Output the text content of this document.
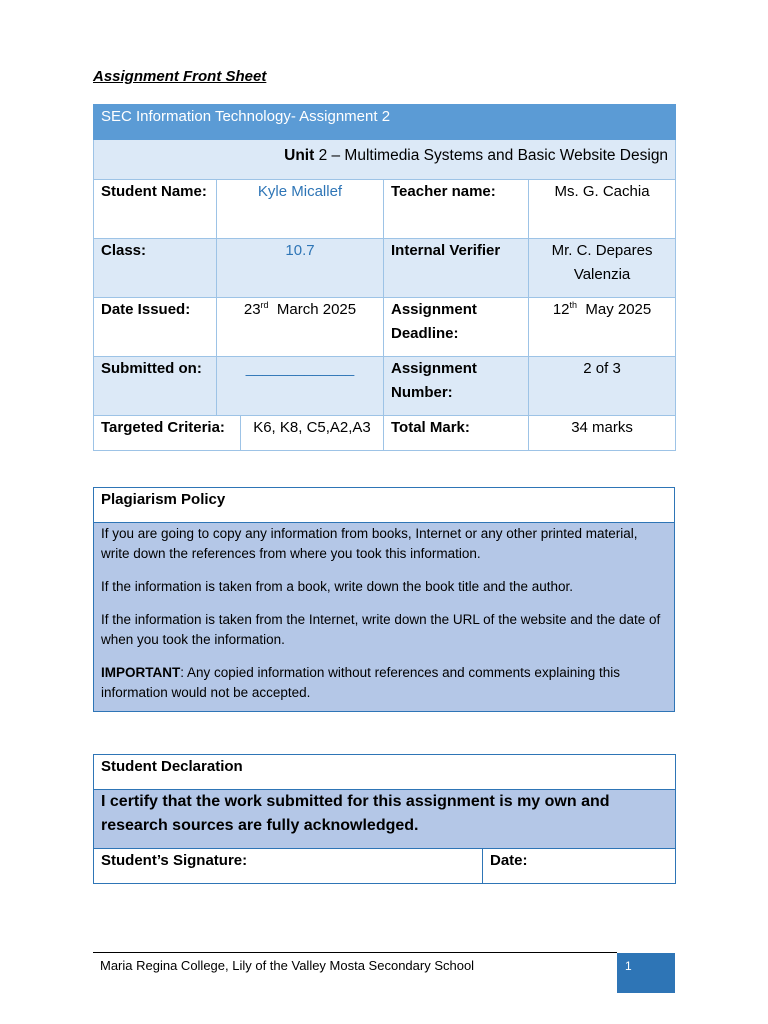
Assignment Front Sheet
SEC Information Technology- Assignment 2				
Unit 2 – Multimedia Systems and Basic Website Design				
Student Name:	Kyle Micallef		Teacher name:	Ms. G. Cachia
Class:	10.7		Internal Verifier	Mr. C. Depares Valenzia
Date Issued:	23rd March 2025		Assignment Deadline:	12th May 2025
Submitted on:	_____________		Assignment Number:	2 of 3
Targeted Criteria:		K6, K8, C5,A2,A3	Total Mark:	34 marks
Plagiarism Policy

If you are going to copy any information from books, Internet or any other printed material, write down the references from where you took this information.

If the information is taken from a book, write down the book title and the author.

If the information is taken from the Internet, write down the URL of the website and the date of when you took the information.

IMPORTANT: Any copied information without references and comments explaining this information would not be accepted.

Student Declaration
I certify that the work submitted for this assignment is my own and research sources are fully acknowledged.
Student’s Signature:	Date:
Maria Regina College, Lily of the Valley Mosta Secondary School	1
